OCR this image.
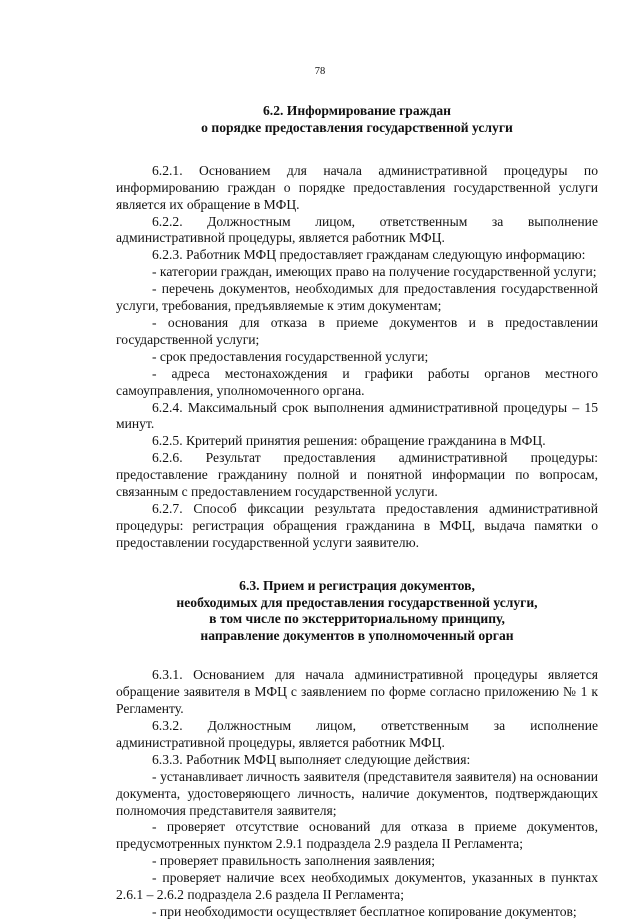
78
6.2. Информирование граждан
о порядке предоставления государственной услуги

6.2.1. Основанием для начала административной процедуры по информированию граждан о порядке предоставления государственной услуги является их обращение в МФЦ.

6.2.2. Должностным лицом, ответственным за выполнение административной процедуры, является работник МФЦ.

6.2.3. Работник МФЦ предоставляет гражданам следующую информацию:

- категории граждан, имеющих право на получение государственной услуги;

- перечень документов, необходимых для предоставления государственной услуги, требования, предъявляемые к этим документам;

- основания для отказа в приеме документов и в предоставлении государственной услуги;

- срок предоставления государственной услуги;

- адреса местонахождения и графики работы органов местного самоуправления, уполномоченного органа.

6.2.4. Максимальный срок выполнения административной процедуры – 15 минут.

6.2.5. Критерий принятия решения: обращение гражданина в МФЦ.

6.2.6. Результат предоставления административной процедуры: предоставление гражданину полной и понятной информации по вопросам, связанным с предоставлением государственной услуги.

6.2.7. Способ фиксации результата предоставления административной процедуры: регистрация обращения гражданина в МФЦ, выдача памятки о предоставлении государственной услуги заявителю.

6.3. Прием и регистрация документов,
необходимых для предоставления государственной услуги,
в том числе по экстерриториальному принципу,
направление документов в уполномоченный орган

6.3.1. Основанием для начала административной процедуры является обращение заявителя в МФЦ с заявлением по форме согласно приложению № 1 к Регламенту.

6.3.2. Должностным лицом, ответственным за исполнение административной процедуры, является работник МФЦ.

6.3.3. Работник МФЦ выполняет следующие действия:

- устанавливает личность заявителя (представителя заявителя) на основании документа, удостоверяющего личность, наличие документов, подтверждающих полномочия представителя заявителя;

- проверяет отсутствие оснований для отказа в приеме документов, предусмотренных пунктом 2.9.1 подраздела 2.9 раздела II Регламента;

- проверяет правильность заполнения заявления;

- проверяет наличие всех необходимых документов, указанных в пунктах 2.6.1 – 2.6.2 подраздела 2.6 раздела II Регламента;

- при необходимости осуществляет бесплатное копирование документов;
